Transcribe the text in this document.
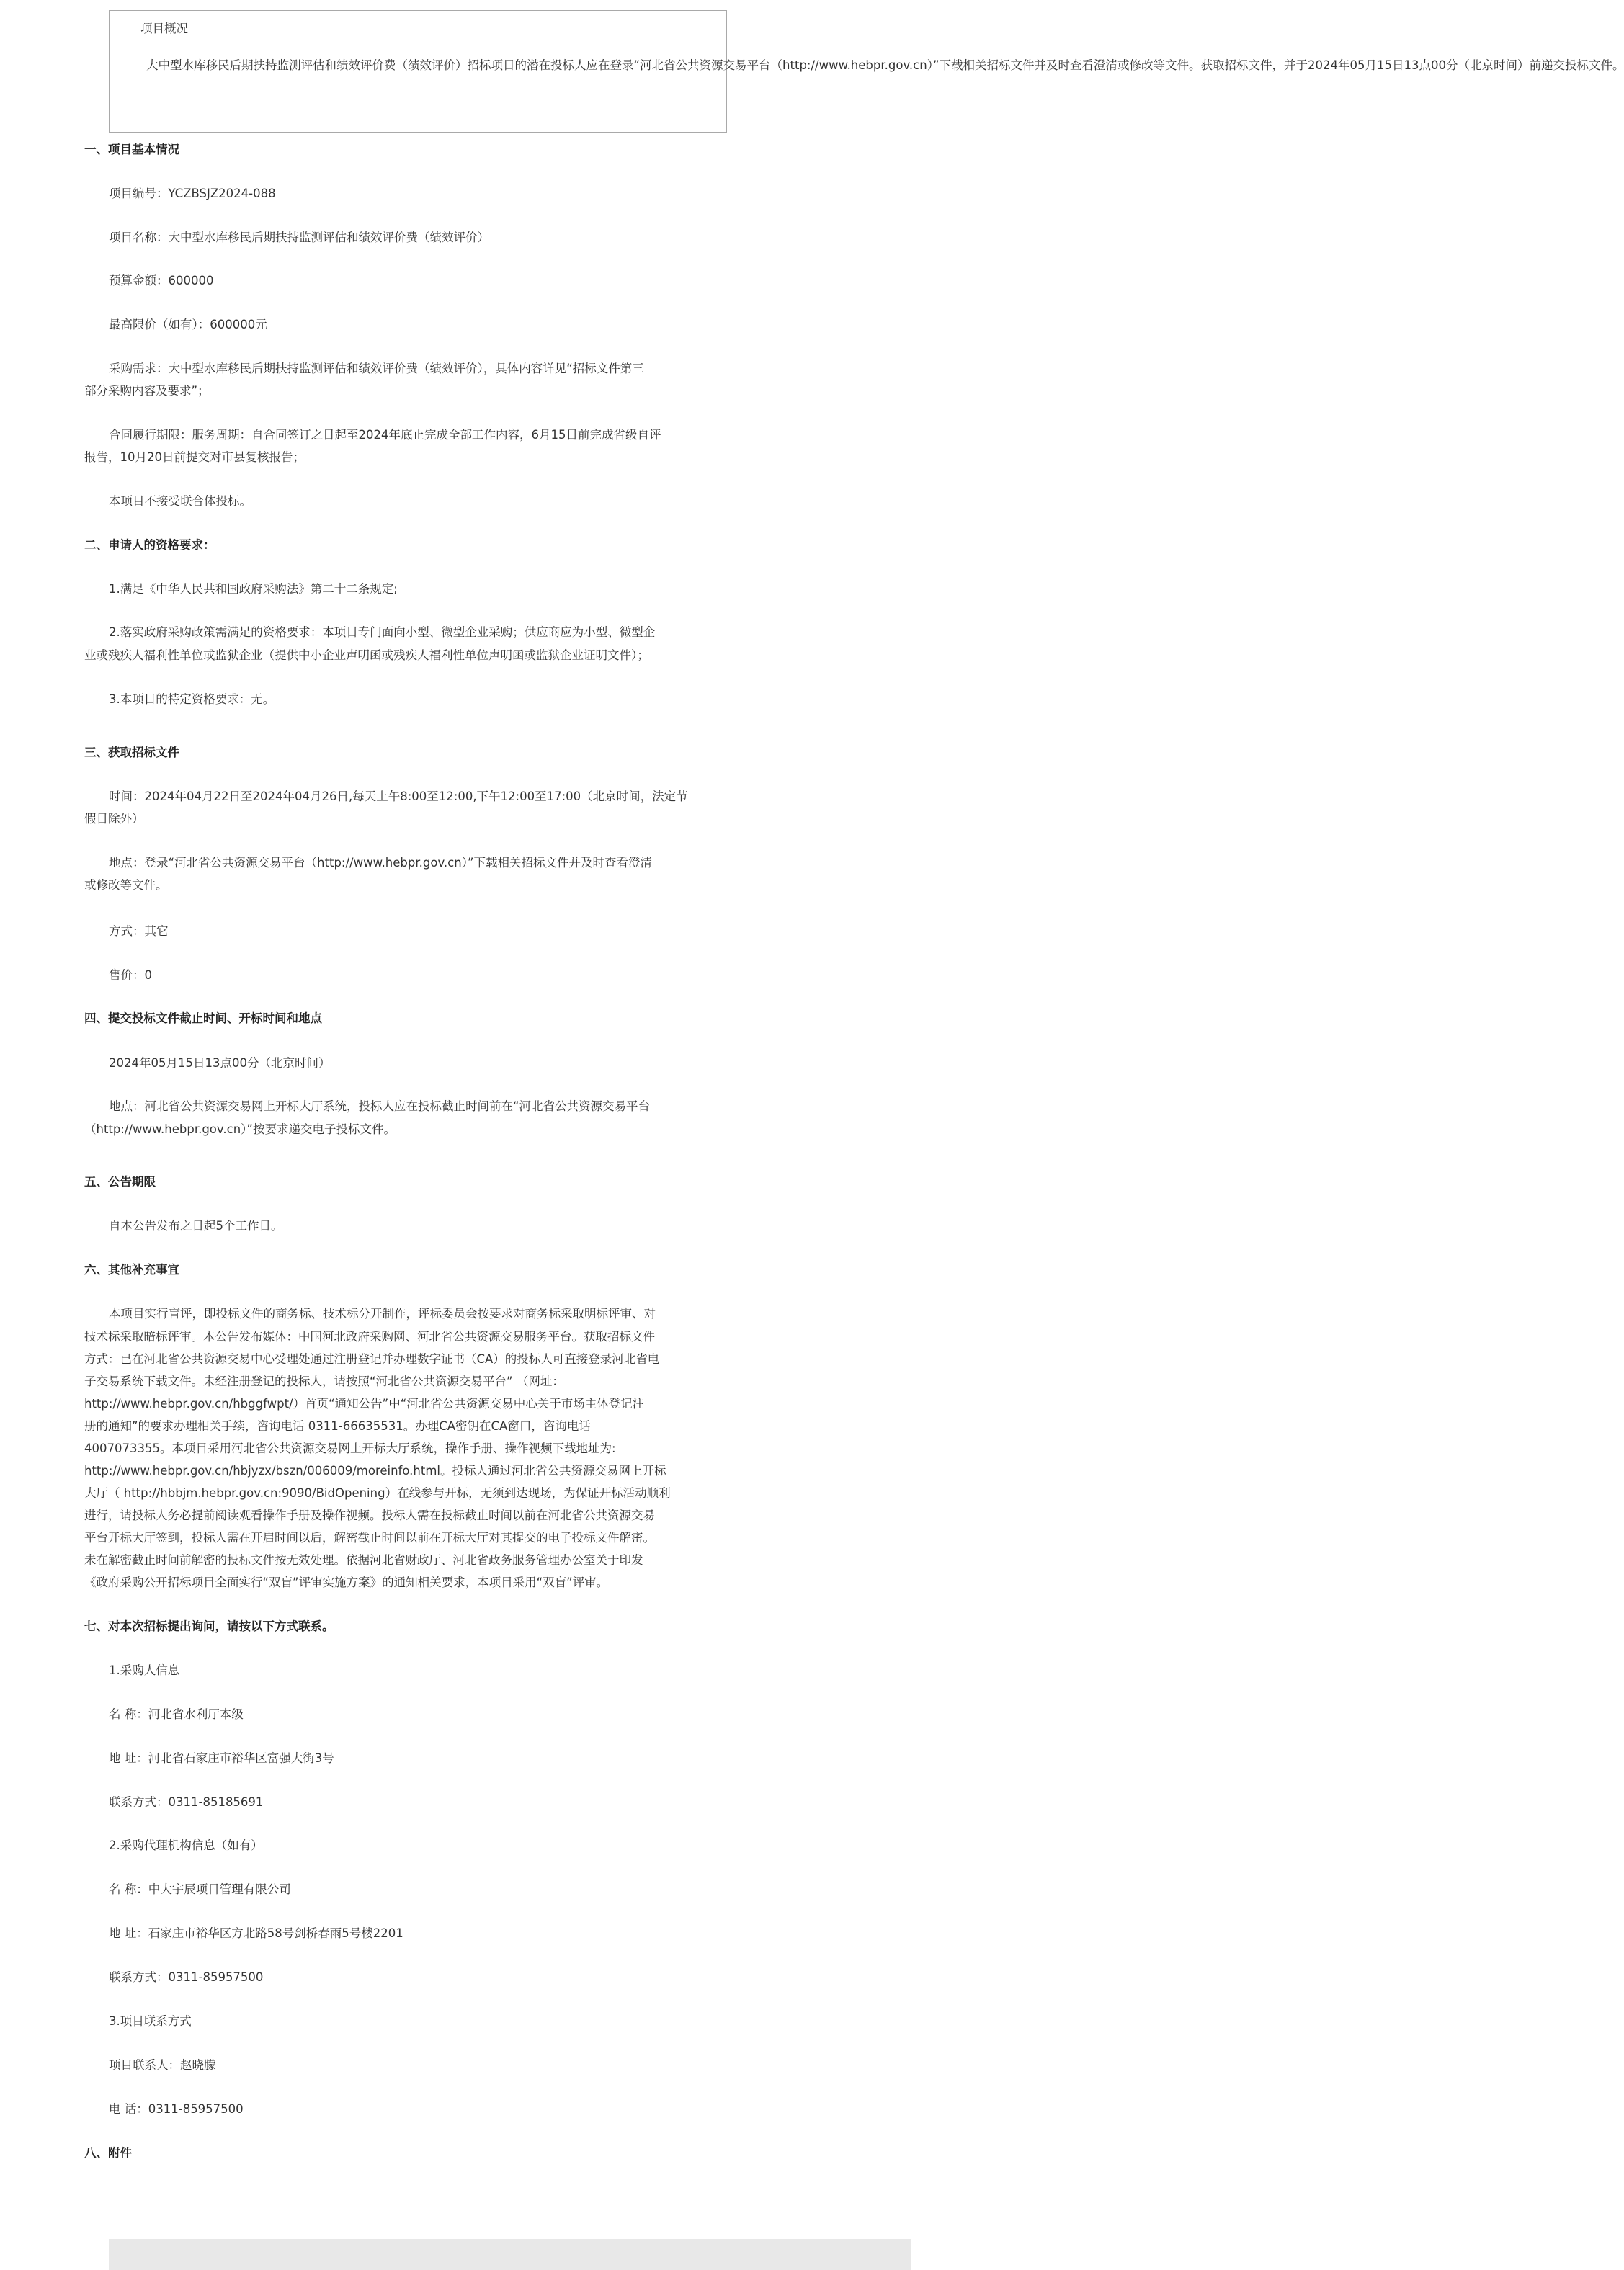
项目概况

大中型水库移民后期扶持监测评估和绩效评价费（绩效评价）招标项目的潜在投标人应在登录“河北省公共资源交易平台（http://www.hebpr.gov.cn）”下载相关招标文件并及时查看澄清或修改等文件。获取招标文件，并于2024年05月15日13点00分（北京时间）前递交投标文件。

一、项目基本情况
项目编号：YCZBSJZ2024-088
项目名称：大中型水库移民后期扶持监测评估和绩效评价费（绩效评价）
预算金额：600000
最高限价（如有）：600000元
采购需求：大中型水库移民后期扶持监测评估和绩效评价费（绩效评价），具体内容详见“招标文件第三
部分采购内容及要求”；
合同履行期限：服务周期：自合同签订之日起至2024年底止完成全部工作内容，6月15日前完成省级自评
报告，10月20日前提交对市县复核报告；
本项目不接受联合体投标。
二、申请人的资格要求：
1.满足《中华人民共和国政府采购法》第二十二条规定;
2.落实政府采购政策需满足的资格要求：本项目专门面向小型、微型企业采购；供应商应为小型、微型企
业或残疾人福利性单位或监狱企业（提供中小企业声明函或残疾人福利性单位声明函或监狱企业证明文件）；
3.本项目的特定资格要求：无。
三、获取招标文件
时间：2024年04月22日至2024年04月26日,每天上午8:00至12:00,下午12:00至17:00（北京时间，法定节
假日除外）
地点：登录“河北省公共资源交易平台（http://www.hebpr.gov.cn）”下载相关招标文件并及时查看澄清
或修改等文件。
方式：其它
售价：0
四、提交投标文件截止时间、开标时间和地点
2024年05月15日13点00分（北京时间）
地点：河北省公共资源交易网上开标大厅系统，投标人应在投标截止时间前在“河北省公共资源交易平台
（http://www.hebpr.gov.cn）”按要求递交电子投标文件。
五、公告期限
自本公告发布之日起5个工作日。
六、其他补充事宜
本项目实行盲评，即投标文件的商务标、技术标分开制作，评标委员会按要求对商务标采取明标评审、对
技术标采取暗标评审。本公告发布媒体：中国河北政府采购网、河北省公共资源交易服务平台。获取招标文件
方式：已在河北省公共资源交易中心受理处通过注册登记并办理数字证书（CA）的投标人可直接登录河北省电
子交易系统下载文件。未经注册登记的投标人，请按照“河北省公共资源交易平台” （网址：
http://www.hebpr.gov.cn/hbggfwpt/）首页“通知公告”中“河北省公共资源交易中心关于市场主体登记注
册的通知”的要求办理相关手续，咨询电话 0311-66635531。办理CA密钥在CA窗口，咨询电话
4007073355。本项目采用河北省公共资源交易网上开标大厅系统，操作手册、操作视频下载地址为:
http://www.hebpr.gov.cn/hbjyzx/bszn/006009/moreinfo.html。投标人通过河北省公共资源交易网上开标
大厅（ http://hbbjm.hebpr.gov.cn:9090/BidOpening）在线参与开标，无须到达现场，为保证开标活动顺利
进行，请投标人务必提前阅读观看操作手册及操作视频。投标人需在投标截止时间以前在河北省公共资源交易
平台开标大厅签到，投标人需在开启时间以后，解密截止时间以前在开标大厅对其提交的电子投标文件解密。
未在解密截止时间前解密的投标文件按无效处理。依据河北省财政厅、河北省政务服务管理办公室关于印发
《政府采购公开招标项目全面实行“双盲”评审实施方案》的通知相关要求，本项目采用“双盲”评审。
七、对本次招标提出询问，请按以下方式联系。
1.采购人信息
名 称：河北省水利厅本级
地 址：河北省石家庄市裕华区富强大街3号
联系方式：0311-85185691
2.采购代理机构信息（如有）
名 称：中大宇辰项目管理有限公司
地 址：石家庄市裕华区方北路58号剑桥春雨5号楼2201
联系方式：0311-85957500
3.项目联系方式
项目联系人：赵晓朦
电 话：0311-85957500
八、附件
